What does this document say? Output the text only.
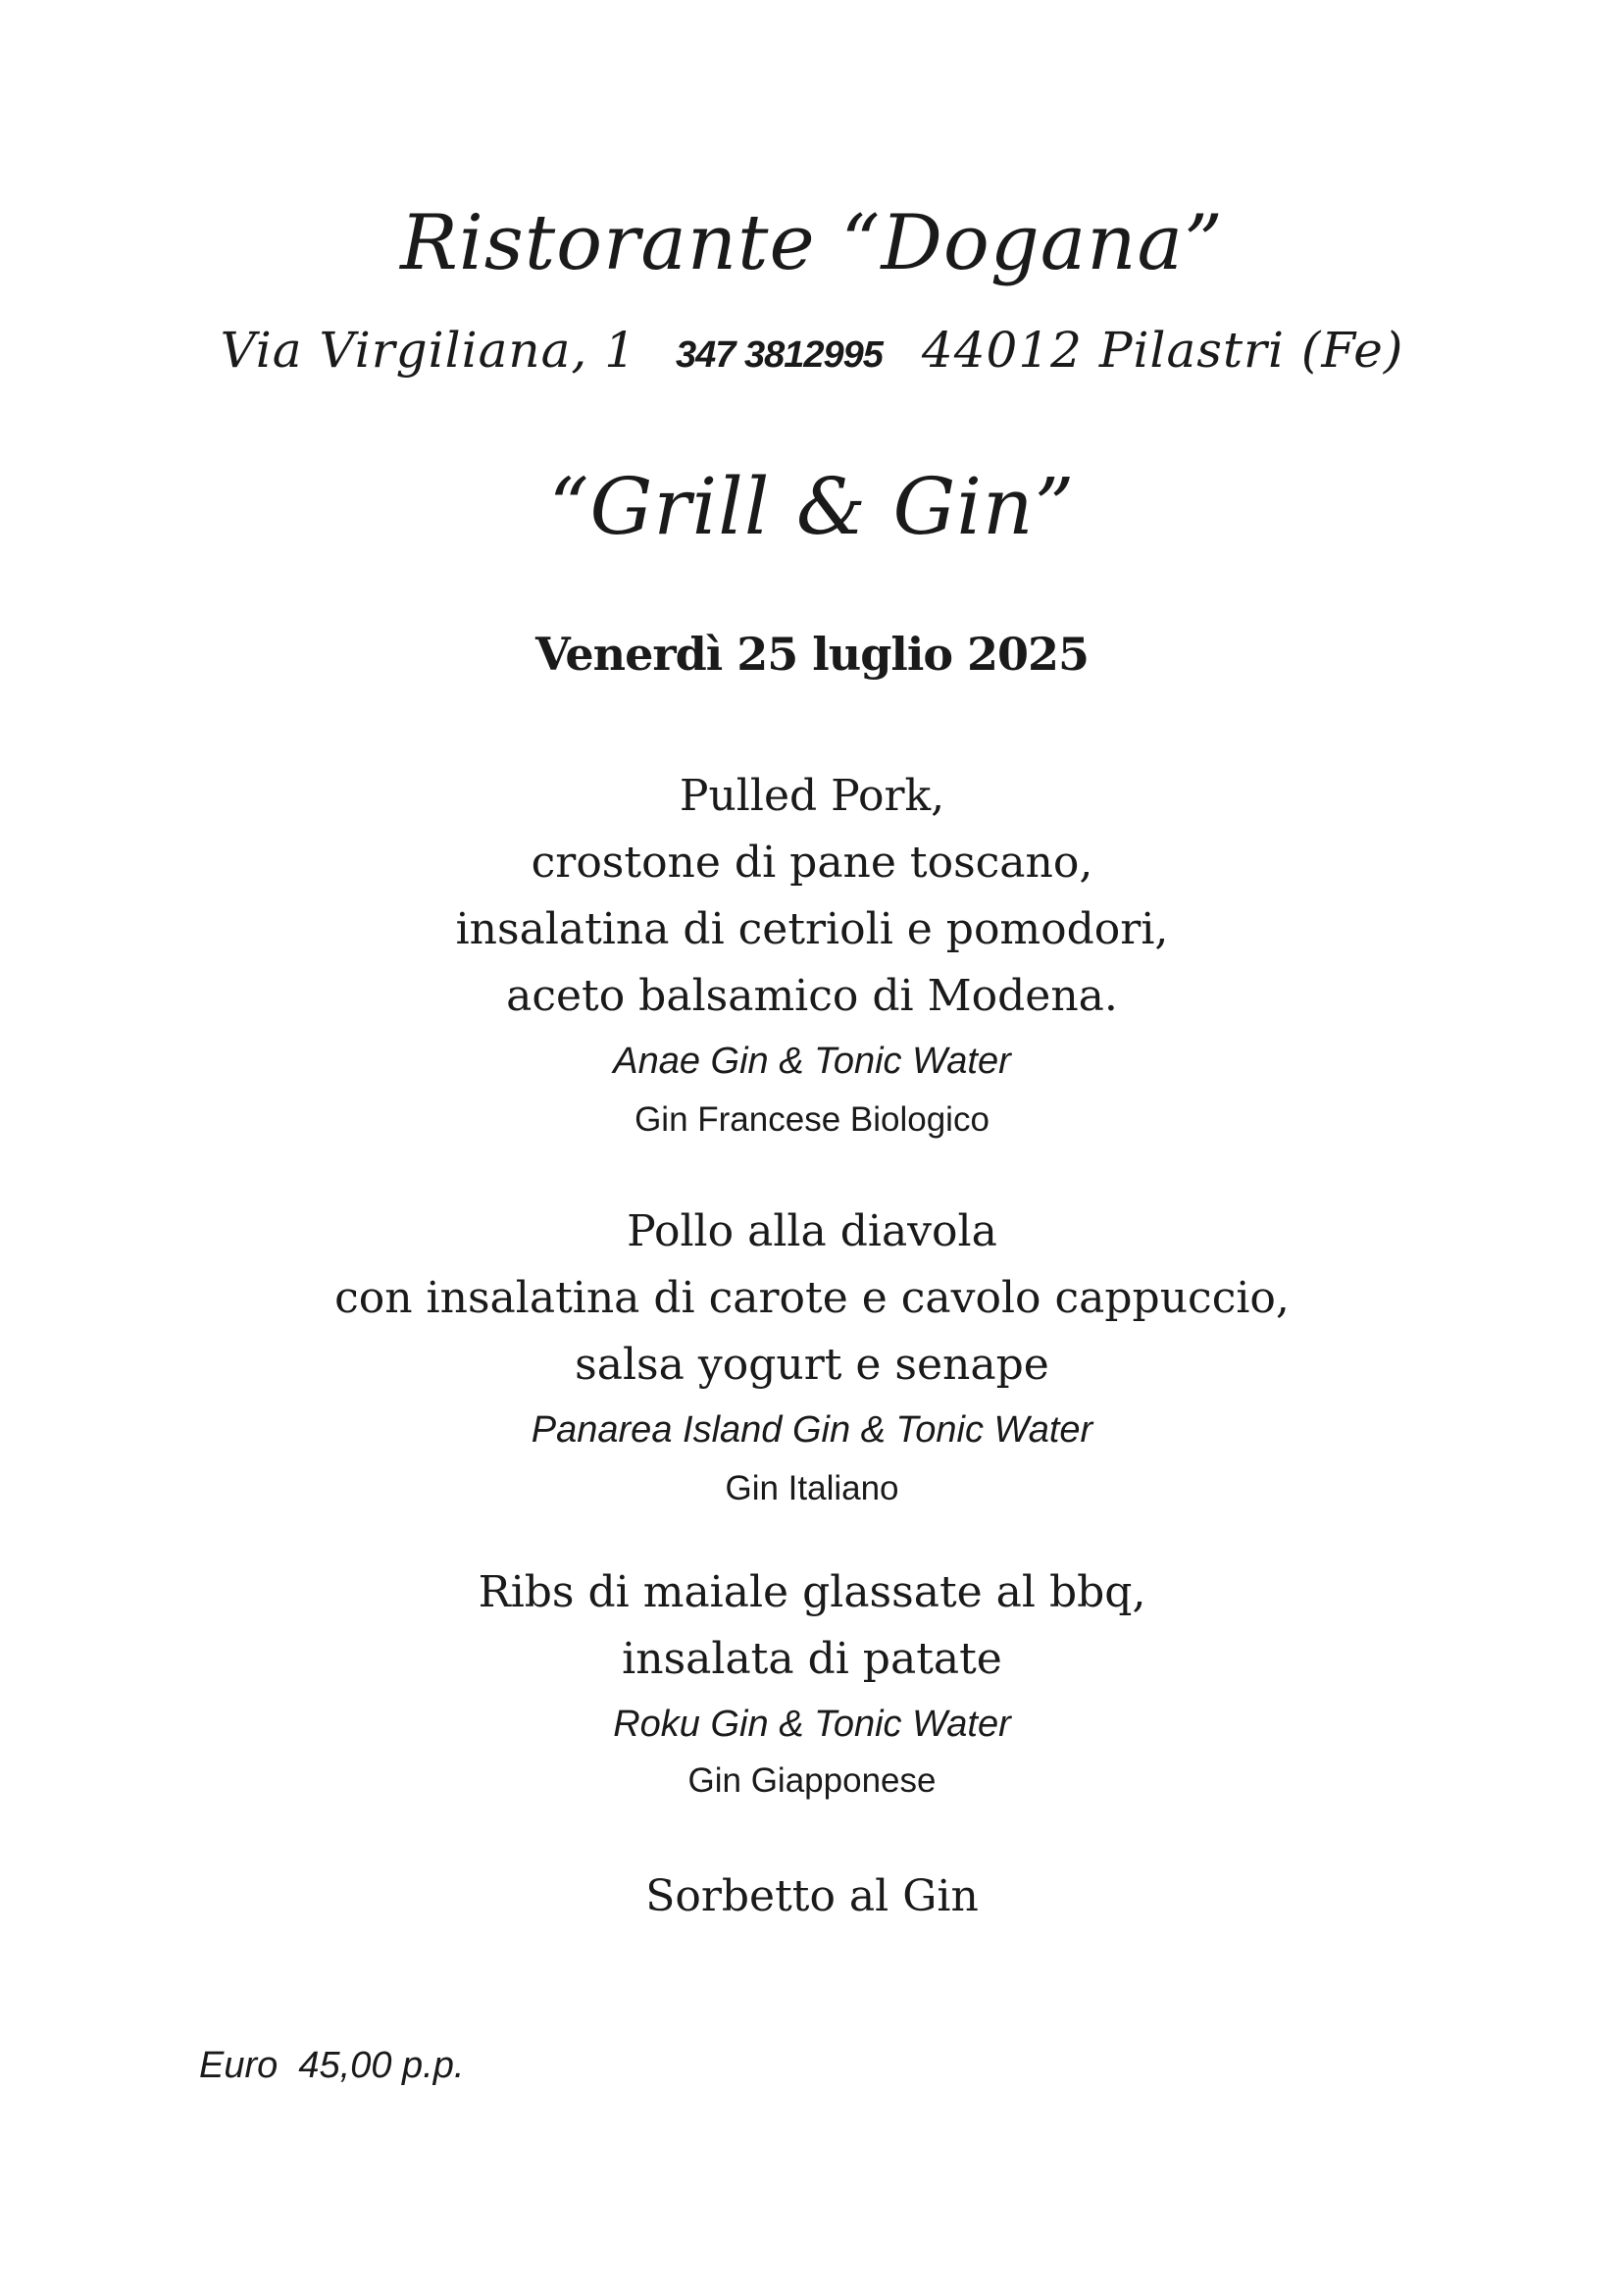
Ristorante “Dogana”
Via Virgiliana, 1 347 3812995 44012 Pilastri (Fe)
“Grill & Gin”
Venerdì 25 luglio 2025
Pulled Pork,
crostone di pane toscano,
insalatina di cetrioli e pomodori,
aceto balsamico di Modena.
Anae Gin & Tonic Water
Gin Francese Biologico
Pollo alla diavola
con insalatina di carote e cavolo cappuccio,
salsa yogurt e senape
Panarea Island Gin & Tonic Water
Gin Italiano
Ribs di maiale glassate al bbq,
insalata di patate
Roku Gin & Tonic Water
Gin Giapponese
Sorbetto al Gin
Euro  45,00 p.p.
